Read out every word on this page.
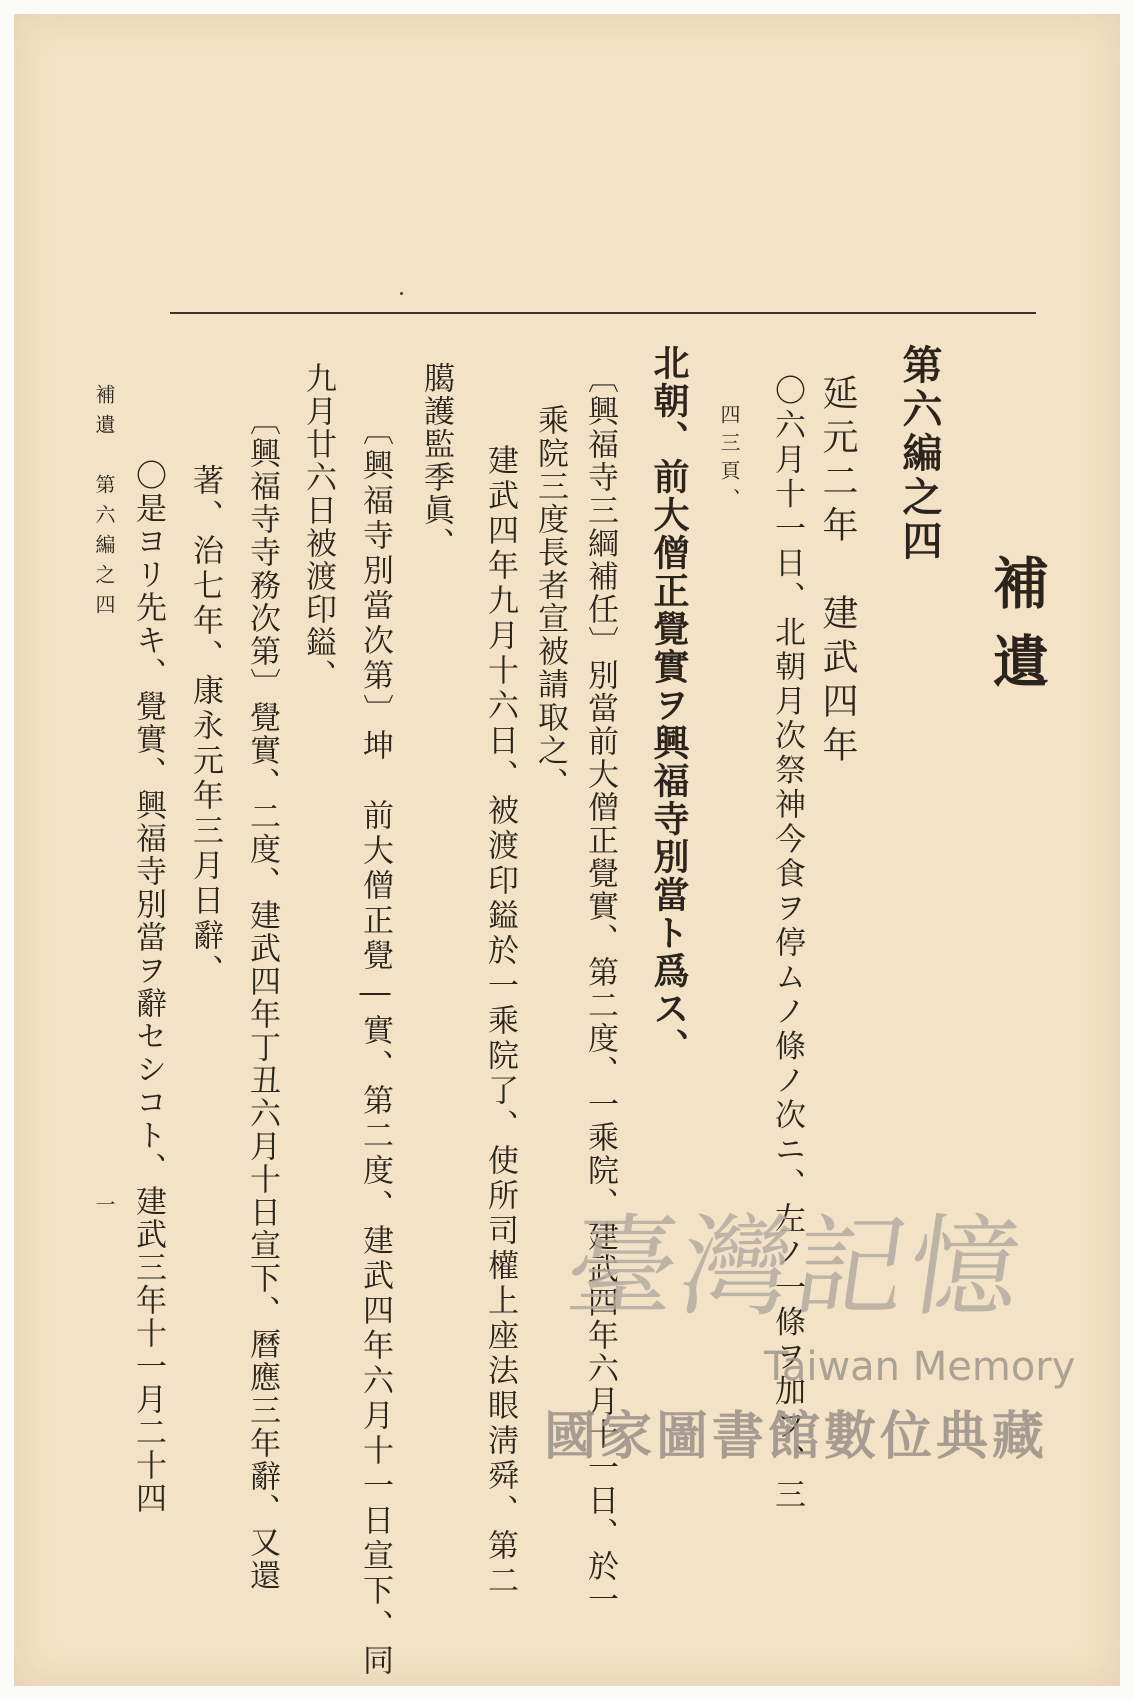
補遺
第六編之四
延元二年　建武四年
〇六月十一日、北朝月次祭神今食ヲ停ムノ條ノ次ニ、左ノ一條ヲ加フ、三
四三頁、
北朝、前大僧正覺實ヲ興福寺別當ト爲ス、
〔興福寺三綱補任〕別當前大僧正覺實、第二度、一乘院、建武四年六月十一日、於一
乘院三度長者宣被請取之、
建武四年九月十六日、被渡印鎰於一乘院了、使所司權上座法眼淸舜、第二
臈護監季眞、
〔興福寺別當次第〕坤　前大僧正覺―實、第二度、建武四年六月十一日宣下、同
九月廿六日被渡印鎰、
〔興福寺寺務次第〕覺實、二度、建武四年丁丑六月十日宣下、曆應三年辭、又還
著、治七年、康永元年三月日辭、
〇是ヨリ先キ、覺實、興福寺別當ヲ辭セシコト、建武三年十一月二十四
補遺　第六編之四
一	臺灣記憶
Taiwan Memory
國家圖書館數位典藏
